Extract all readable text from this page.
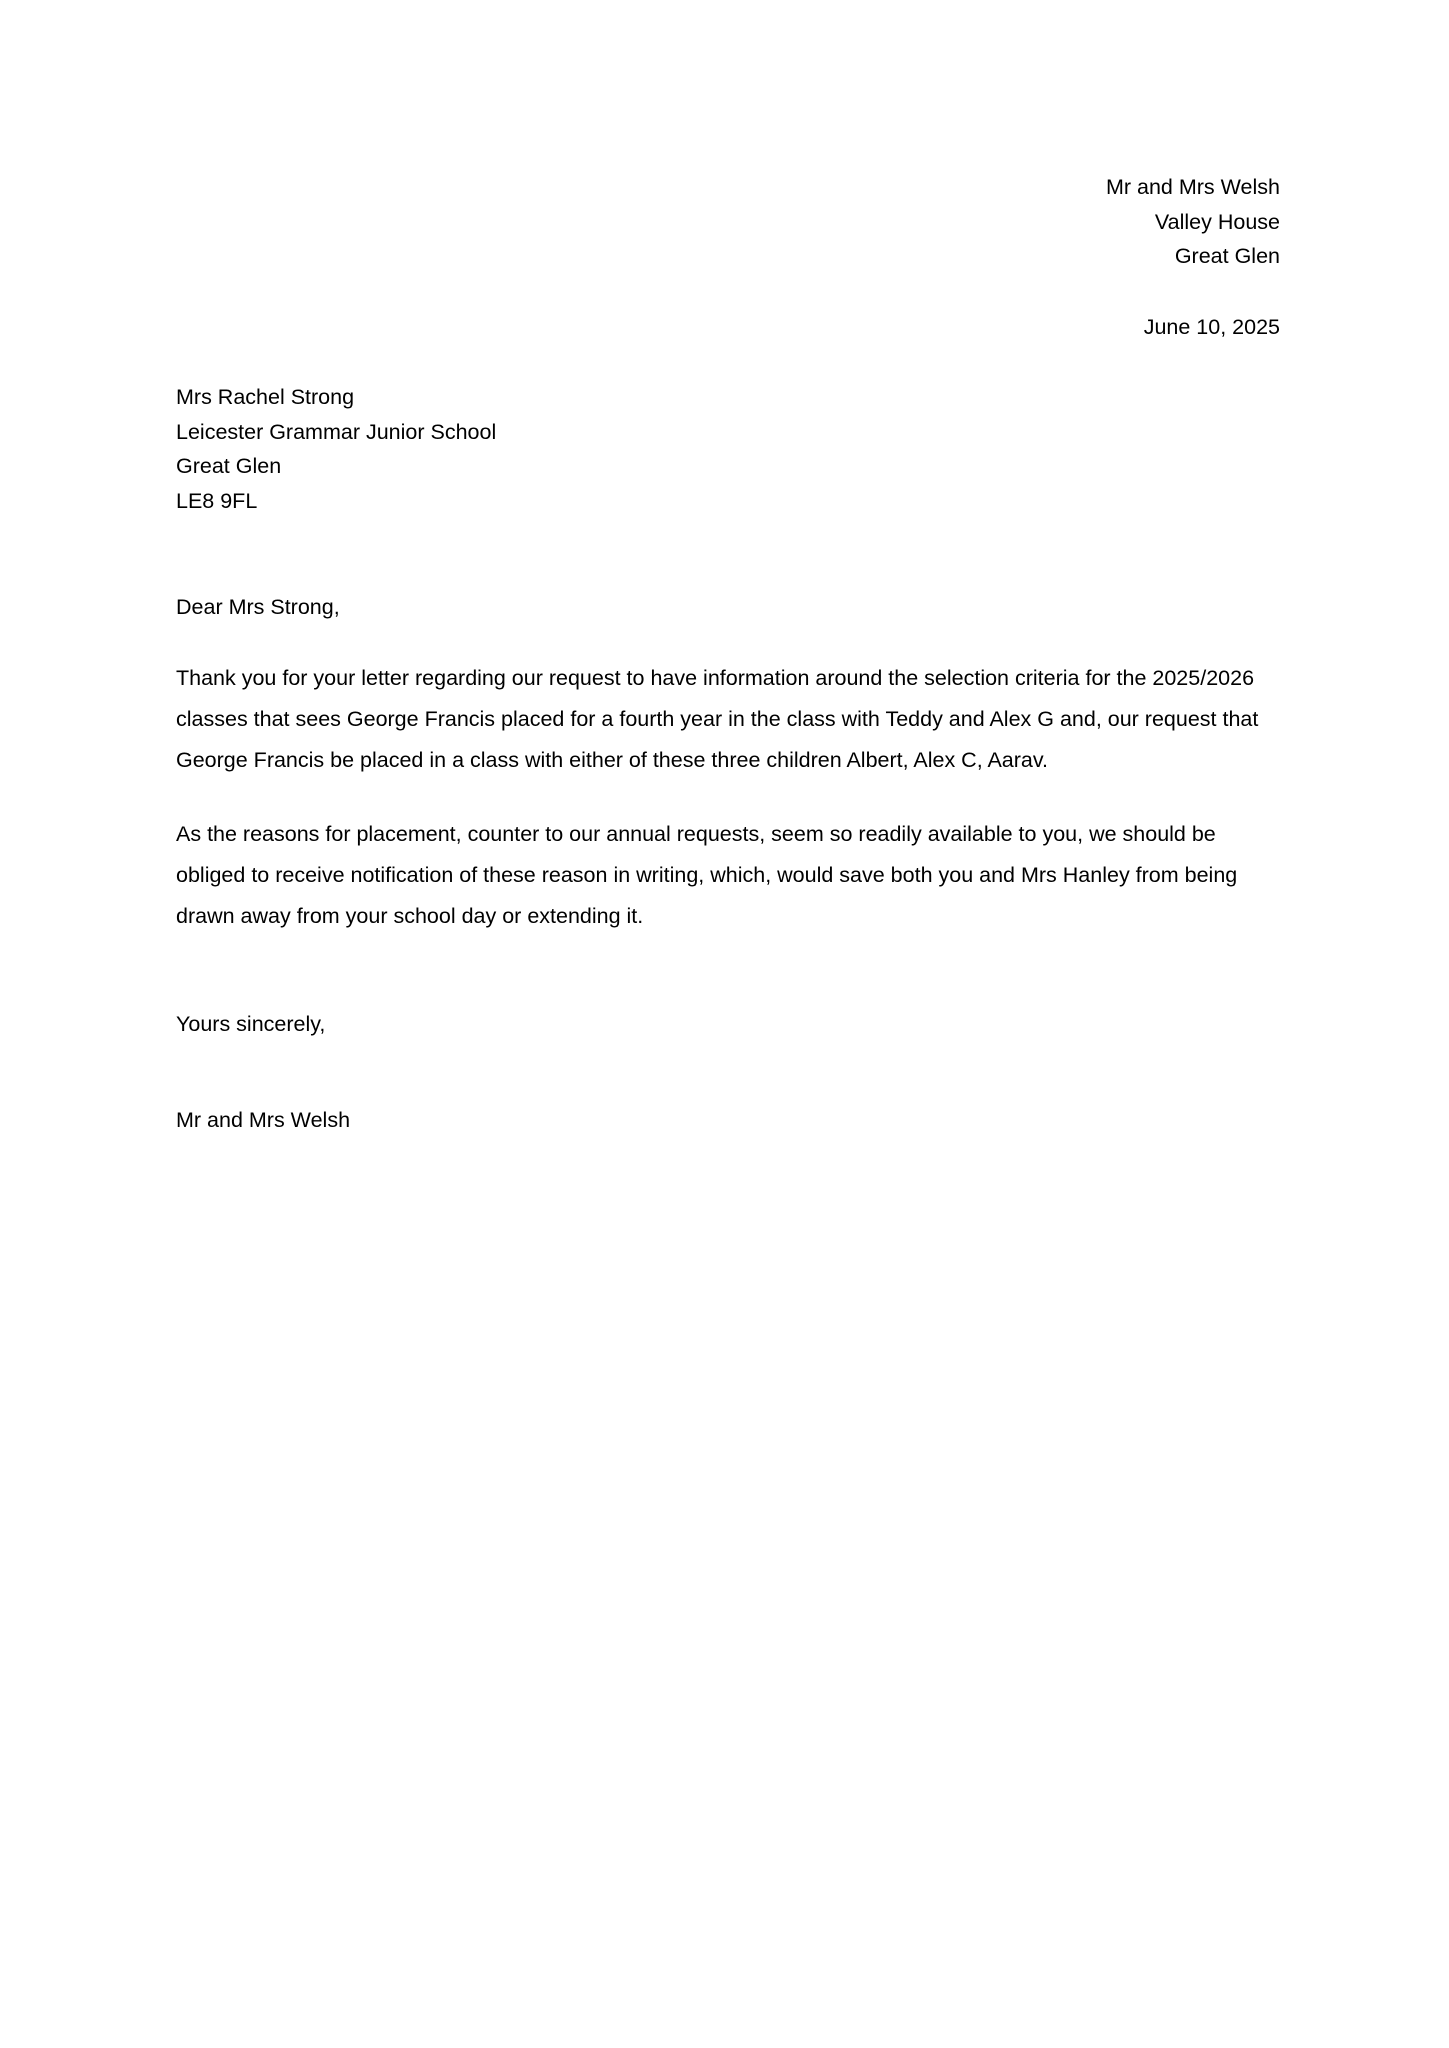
Mr and Mrs Welsh
Valley House
Great Glen
June 10, 2025
Mrs Rachel Strong
Leicester Grammar Junior School
Great Glen
LE8 9FL
Dear Mrs Strong,
Thank you for your letter regarding our request to have information around the selection criteria for the 2025/2026 classes that sees George Francis placed for a fourth year in the class with Teddy and Alex G and, our request that George Francis be placed in a class with either of these three children Albert, Alex C, Aarav.
As the reasons for placement, counter to our annual requests, seem so readily available to you, we should be obliged to receive notification of these reason in writing, which, would save both you and Mrs Hanley from being drawn away from your school day or extending it.
Yours sincerely,
Mr and Mrs Welsh
